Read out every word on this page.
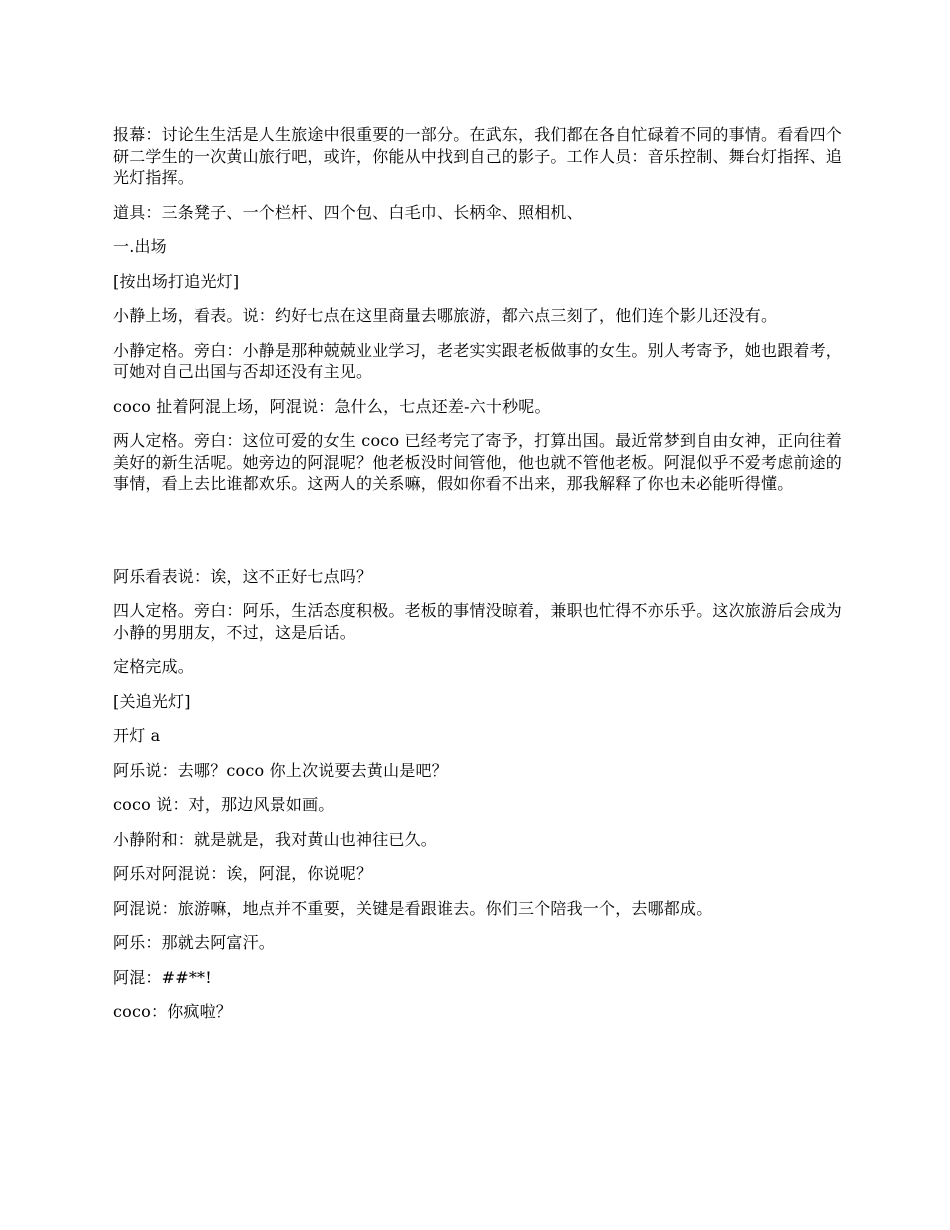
报幕：讨论生生活是人生旅途中很重要的一部分。在武东，我们都在各自忙碌着不同的事情。看看四个研二学生的一次黄山旅行吧，或许，你能从中找到自己的影子。工作人员：音乐控制、舞台灯指挥、追光灯指挥。

道具：三条凳子、一个栏杆、四个包、白毛巾、长柄伞、照相机、

一.出场

[按出场打追光灯]

小静上场，看表。说：约好七点在这里商量去哪旅游，都六点三刻了，他们连个影儿还没有。

小静定格。旁白：小静是那种兢兢业业学习，老老实实跟老板做事的女生。别人考寄予，她也跟着考，可她对自己出国与否却还没有主见。

coco 扯着阿混上场，阿混说：急什么，七点还差-六十秒呢。

两人定格。旁白：这位可爱的女生 coco 已经考完了寄予，打算出国。最近常梦到自由女神，正向往着美好的新生活呢。她旁边的阿混呢？他老板没时间管他，他也就不管他老板。阿混似乎不爱考虑前途的事情，看上去比谁都欢乐。这两人的关系嘛，假如你看不出来，那我解释了你也未必能听得懂。

阿乐看表说：诶，这不正好七点吗？

四人定格。旁白：阿乐，生活态度积极。老板的事情没晾着，兼职也忙得不亦乐乎。这次旅游后会成为小静的男朋友，不过，这是后话。

定格完成。

[关追光灯]

开灯 a

阿乐说：去哪？coco 你上次说要去黄山是吧？

coco 说：对，那边风景如画。

小静附和：就是就是，我对黄山也神往已久。

阿乐对阿混说：诶，阿混，你说呢？

阿混说：旅游嘛，地点并不重要，关键是看跟谁去。你们三个陪我一个，去哪都成。

阿乐：那就去阿富汗。

阿混：##**!

coco：你疯啦？
